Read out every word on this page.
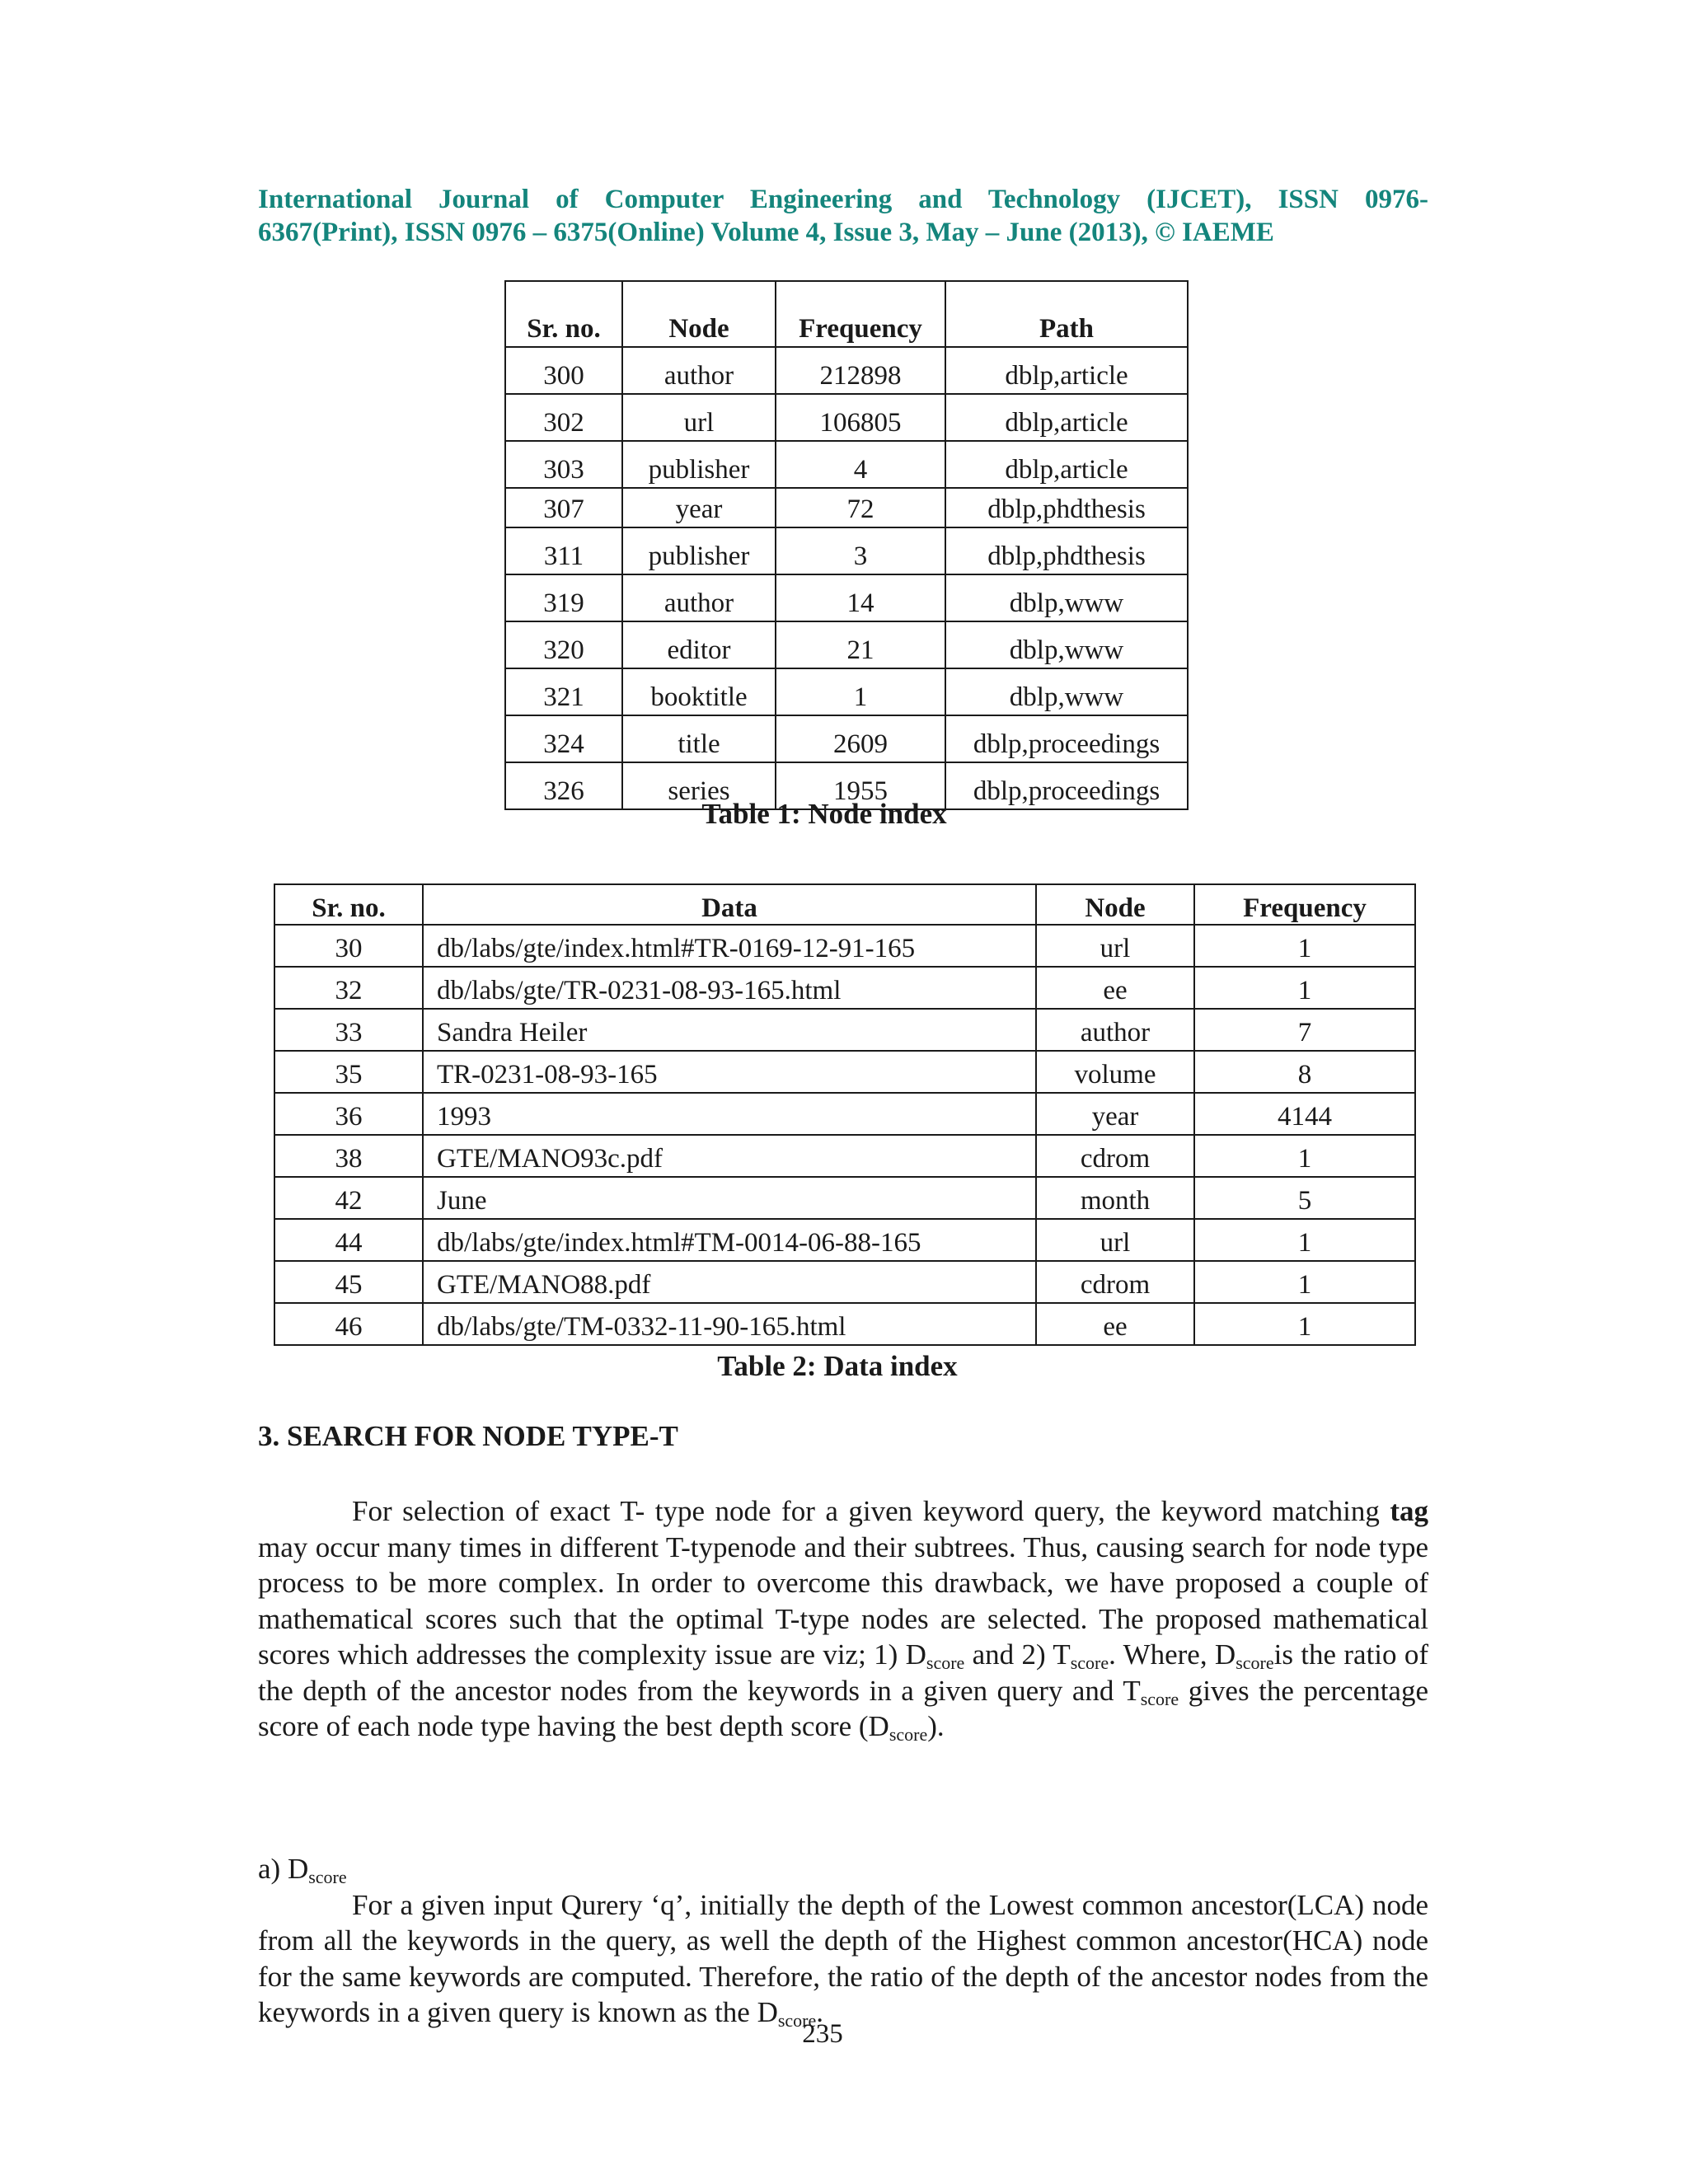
International Journal of Computer Engineering and Technology (IJCET), ISSN 0976-
6367(Print), ISSN 0976 – 6375(Online) Volume 4, Issue 3, May – June (2013), © IAEME
Sr. no.	Node	Frequency	Path
300	author	212898	dblp,article
302	url	106805	dblp,article
303	publisher	4	dblp,article
307	year	72	dblp,phdthesis
311	publisher	3	dblp,phdthesis
319	author	14	dblp,www
320	editor	21	dblp,www
321	booktitle	1	dblp,www
324	title	2609	dblp,proceedings
326	series	1955	dblp,proceedings
Table 1: Node index
Sr. no.	Data	Node	Frequency
30	db/labs/gte/index.html#TR-0169-12-91-165	url	1
32	db/labs/gte/TR-0231-08-93-165.html	ee	1
33	Sandra Heiler	author	7
35	TR-0231-08-93-165	volume	8
36	1993	year	4144
38	GTE/MANO93c.pdf	cdrom	1
42	June	month	5
44	db/labs/gte/index.html#TM-0014-06-88-165	url	1
45	GTE/MANO88.pdf	cdrom	1
46	db/labs/gte/TM-0332-11-90-165.html	ee	1
Table 2: Data index
3. SEARCH FOR NODE TYPE-T
For selection of exact T- type node for a given keyword query, the keyword matching tag may occur many times in different T-typenode and their subtrees. Thus, causing search for node type process to be more complex. In order to overcome this drawback, we have proposed a couple of mathematical scores such that the optimal T-type nodes are selected. The proposed mathematical scores which addresses the complexity issue are viz; 1) $D_{score}$ and 2) $T_{score}$. Where, $D_{score}is$ the ratio of the depth of the ancestor nodes from the keywords in a given query and $T_{score}$ gives the percentage score of each node type having the best depth score $(D_{score})$.
a) $D_{score}$
For a given input Qurery ‘q’, initially the depth of the Lowest common ancestor(LCA) node from all the keywords in the query, as well the depth of the Highest common ancestor(HCA) node for the same keywords are computed. Therefore, the ratio of the depth of the ancestor nodes from the keywords in a given query is known as the $D_{score}$.
235
